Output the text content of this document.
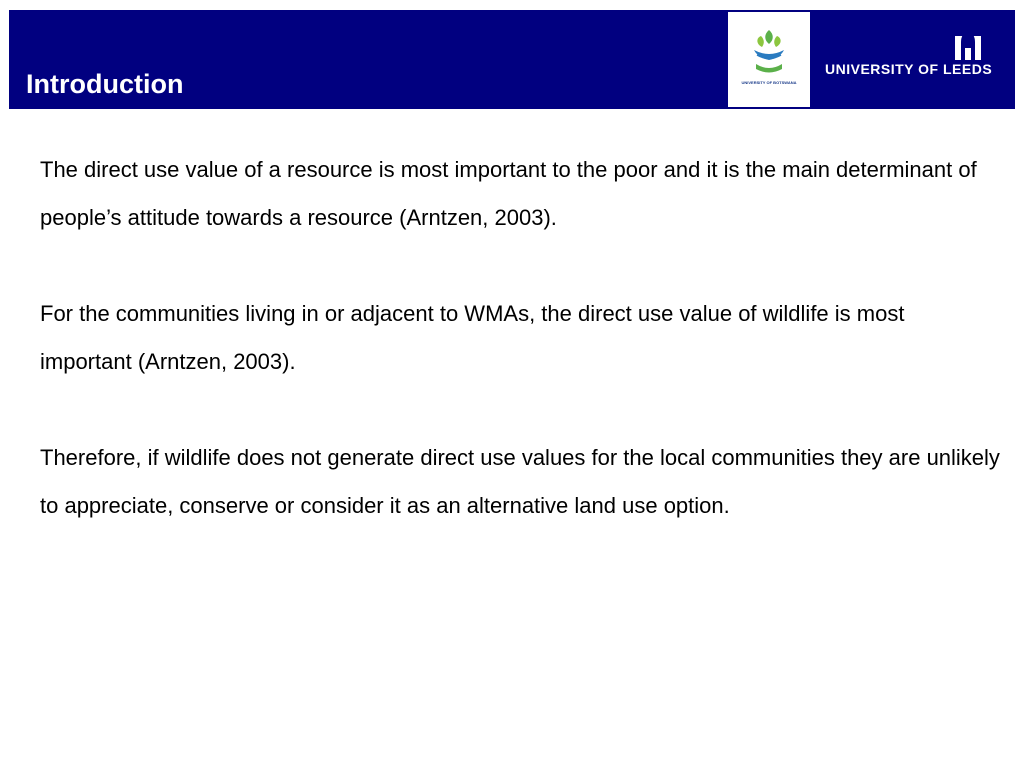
Introduction	UNIVERSITY OF BOTSWANA
UNIVERSITY OF LEEDS

The direct use value of a resource is most important to the poor and it is the main determinant of people’s attitude towards a resource (Arntzen, 2003).

For the communities living in or adjacent to WMAs, the direct use value of wildlife is most important (Arntzen, 2003).

Therefore, if wildlife does not generate direct use values for the local communities they are unlikely to appreciate, conserve or consider it as an alternative land use option.
